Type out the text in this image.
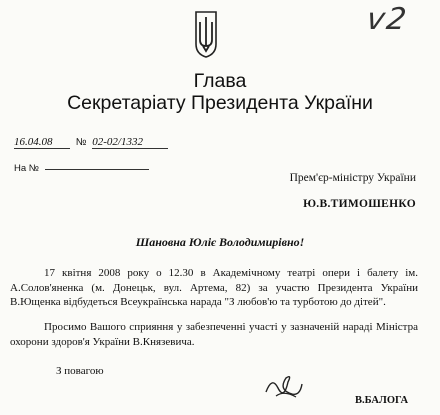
v2
Глава
Секретаріату Президента України
16.04.08 № 02-02/1332
На №
Прем'єр-міністру України
Ю.В.ТИМОШЕНКО
Шановна Юліє Володимирівно!

17 квітня 2008 року о 12.30 в Академічному театрі опери і балету ім. А.Солов'яненка (м. Донецьк, вул. Артема, 82) за участю Президента України В.Ющенка відбудеться Всеукраїнська нарада "З любов'ю та турботою до дітей".

Просимо Вашого сприяння у забезпеченні участі у зазначеній нараді Міністра охорони здоров'я України В.Князевича.

З повагою
В.БАЛОГА
